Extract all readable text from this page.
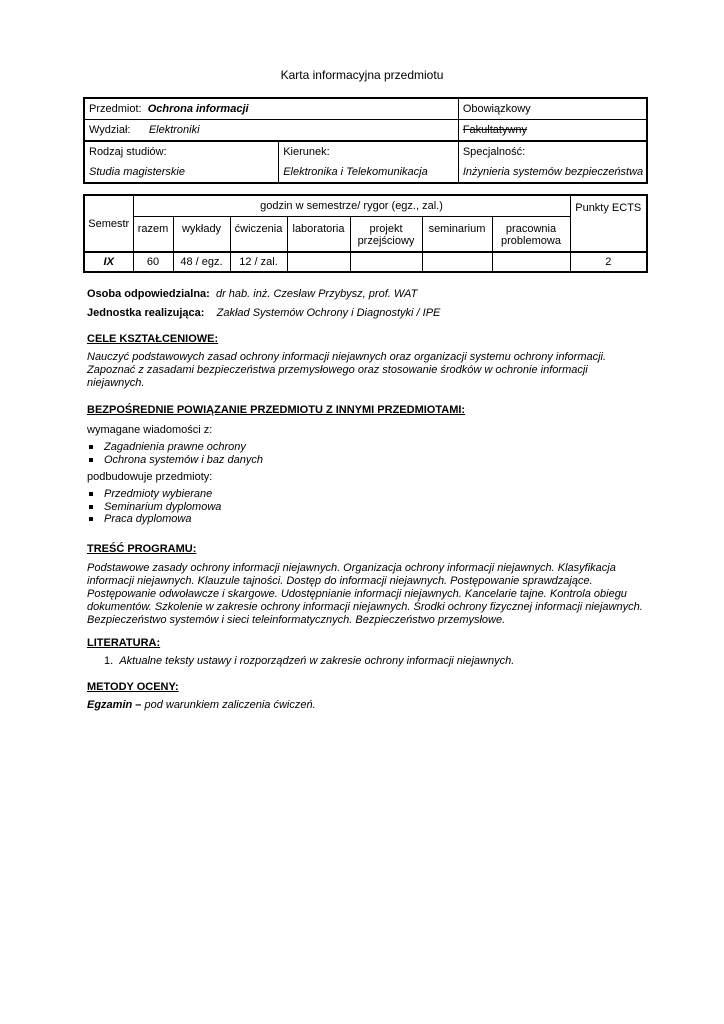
Karta informacyjna przedmiotu
Przedmiot: Ochrona informacji		Obowiązkowy
Wydział: Elektroniki		Fakultatywny
Rodzaj studiów:	Kierunek:	Specjalność:
Studia magisterskie	Elektronika i Telekomunikacja	Inżynieria systemów bezpieczeństwa
Semestr	godzin w semestrze/ rygor (egz., zal.)							Punkty ECTS
	razem	wykłady	ćwiczenia	laboratoria	projekt przejściowy	seminarium	pracownia problemowa	
IX	60	48 / egz.	12 / zal.					2
Osoba odpowiedzialna: dr hab. inż. Czesław Przybysz, prof. WAT
Jednostka realizująca: Zakład Systemów Ochrony i Diagnostyki / IPE
CELE KSZTAŁCENIOWE:
Nauczyć podstawowych zasad ochrony informacji niejawnych oraz organizacji systemu ochrony informacji. Zapoznać z zasadami bezpieczeństwa przemysłowego oraz stosowanie środków w ochronie informacji niejawnych.
BEZPOŚREDNIE POWIĄZANIE PRZEDMIOTU Z INNYMI PRZEDMIOTAMI:
wymagane wiadomości z:
Zagadnienia prawne ochrony
Ochrona systemów i baz danych
podbudowuje przedmioty:
Przedmioty wybierane
Seminarium dyplomowa
Praca dyplomowa
TREŚĆ PROGRAMU:
Podstawowe zasady ochrony informacji niejawnych. Organizacja ochrony informacji niejawnych. Klasyfikacja informacji niejawnych. Klauzule tajności. Dostęp do informacji niejawnych. Postępowanie sprawdzające. Postępowanie odwoławcze i skargowe. Udostępnianie informacji niejawnych. Kancelarie tajne. Kontrola obiegu dokumentów. Szkolenie w zakresie ochrony informacji niejawnych. Środki ochrony fizycznej informacji niejawnych. Bezpieczeństwo systemów i sieci teleinformatycznych. Bezpieczeństwo przemysłowe.
LITERATURA:
1. Aktualne teksty ustawy i rozporządzeń w zakresie ochrony informacji niejawnych.
METODY OCENY:
Egzamin – pod warunkiem zaliczenia ćwiczeń.
